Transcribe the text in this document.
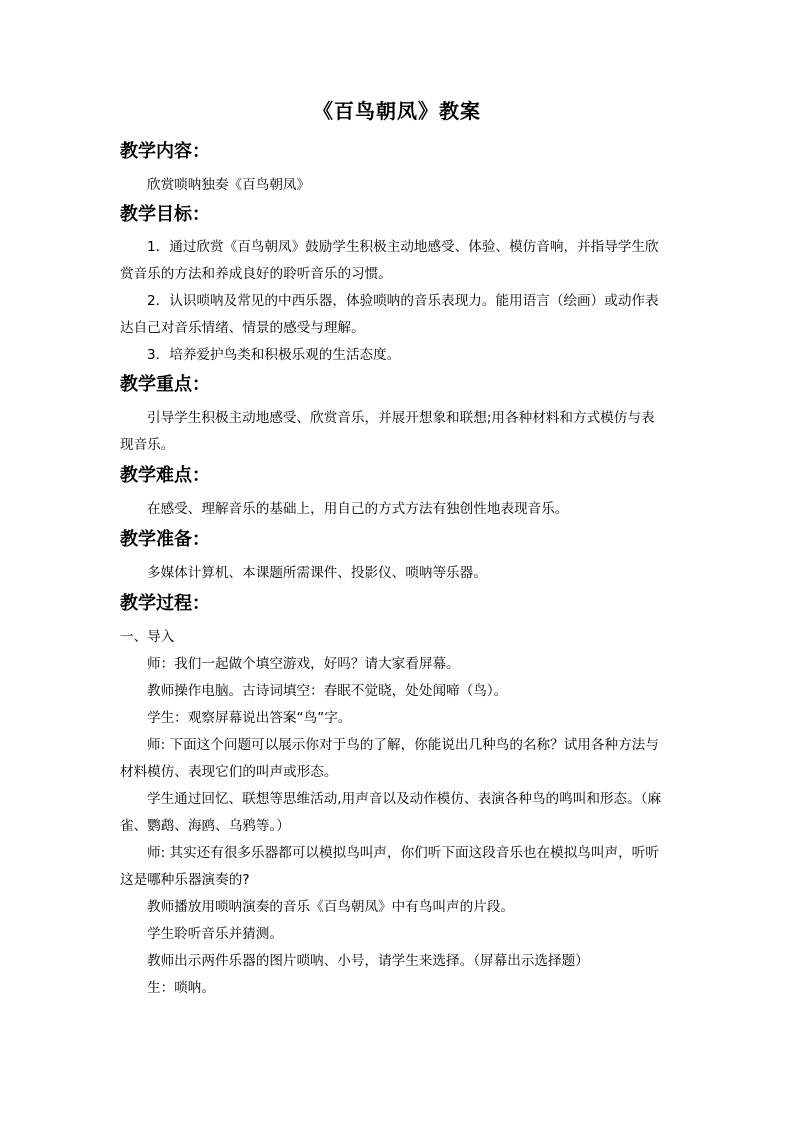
《百鸟朝凤》教案
教学内容：
欣赏唢呐独奏《百鸟朝凤》
教学目标：
1．通过欣赏《百鸟朝凤》鼓励学生积极主动地感受、体验、模仿音响，并指导学生欣
赏音乐的方法和养成良好的聆听音乐的习惯。
2．认识唢呐及常见的中西乐器，体验唢呐的音乐表现力。能用语言（绘画）或动作表
达自己对音乐情绪、情景的感受与理解。
3．培养爱护鸟类和积极乐观的生活态度。
教学重点：
引导学生积极主动地感受、欣赏音乐，并展开想象和联想;用各种材料和方式模仿与表
现音乐。
教学难点：
在感受、理解音乐的基础上，用自己的方式方法有独创性地表现音乐。
教学准备：
多媒体计算机、本课题所需课件、投影仪、唢呐等乐器。
教学过程：
一、导入
师：我们一起做个填空游戏，好吗？请大家看屏幕。
教师操作电脑。古诗词填空：春眠不觉晓，处处闻啼（鸟）。
学生：观察屏幕说出答案“鸟”字。
师: 下面这个问题可以展示你对于鸟的了解，你能说出几种鸟的名称？试用各种方法与
材料模仿、表现它们的叫声或形态。
学生通过回忆、联想等思维活动,用声音以及动作模仿、表演各种鸟的鸣叫和形态。（麻
雀、鹦鹉、海鸥、乌鸦等。）
师: 其实还有很多乐器都可以模拟鸟叫声，你们听下面这段音乐也在模拟鸟叫声，听听
这是哪种乐器演奏的?
教师播放用唢呐演奏的音乐《百鸟朝凤》中有鸟叫声的片段。
学生聆听音乐并猜测。
教师出示两件乐器的图片唢呐、小号，请学生来选择。（屏幕出示选择题）
生：唢呐。
